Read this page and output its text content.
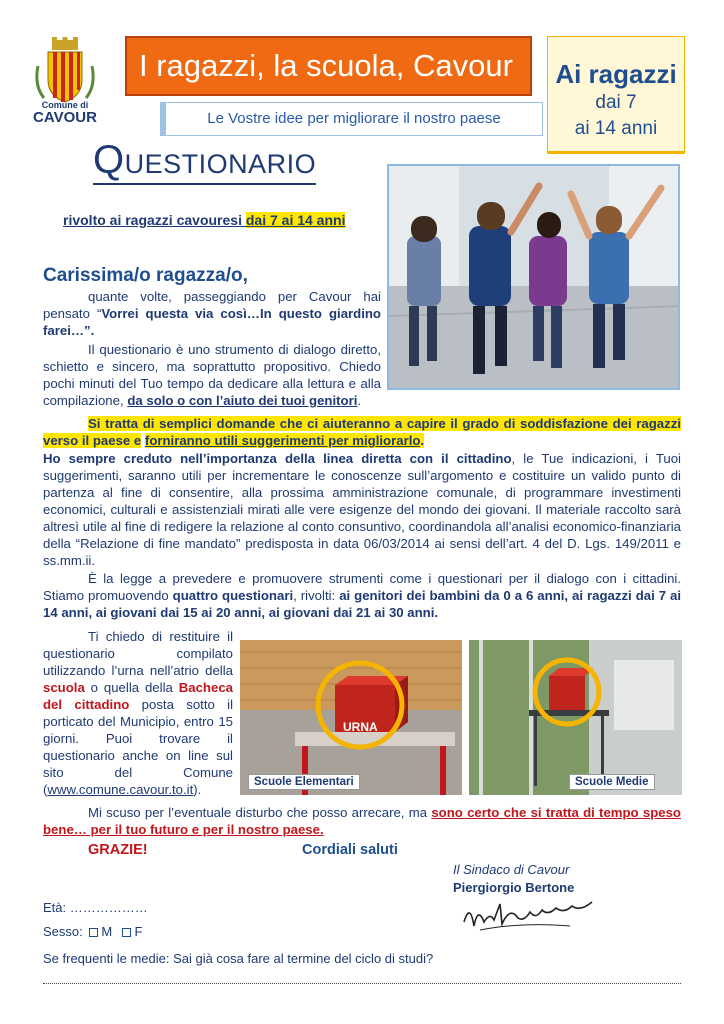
Comune di
CAVOUR
I ragazzi, la scuola, Cavour
Le Vostre idee per migliorare il nostro paese
Ai ragazzi
dai 7
ai 14 anni
QUESTIONARIO
rivolto ai ragazzi cavouresi dai 7 ai 14 anni
Carissima/o ragazza/o,
quante volte, passeggiando per Cavour hai pensato “Vorrei questa via così…In questo giardino farei…”.
Il questionario è uno strumento di dialogo diretto, schietto e sincero, ma soprattutto propositivo. Chiedo pochi minuti del Tuo tempo da dedicare alla lettura e alla compilazione, da solo o con l’aiuto dei tuoi genitori.
Si tratta di semplici domande che ci aiuteranno a capire il grado di soddisfazione dei ragazzi verso il paese e forniranno utili suggerimenti per migliorarlo.
Ho sempre creduto nell’importanza della linea diretta con il cittadino, le Tue indicazioni, i Tuoi suggerimenti, saranno utili per incrementare le conoscenze sull’argomento e costituire un valido punto di partenza al fine di consentire, alla prossima amministrazione comunale, di programmare investimenti economici, culturali e assistenziali mirati alle vere esigenze del mondo dei giovani. Il materiale raccolto sarà altresì utile al fine di redigere la relazione al conto consuntivo, coordinandola all’analisi economico-finanziaria della “Relazione di fine mandato” predisposta in data 06/03/2014 ai sensi dell’art. 4 del D. Lgs. 149/2011 e ss.mm.ii.
È la legge a prevedere e promuovere strumenti come i questionari per il dialogo con i cittadini. Stiamo promuovendo quattro questionari, rivolti: ai genitori dei bambini da 0 a 6 anni, ai ragazzi dai 7 ai 14 anni, ai giovani dai 15 ai 20 anni, ai giovani dai 21 ai 30 anni.
Ti chiedo di restituire il questionario compilato utilizzando l’urna nell’atrio della scuola o quella della Bacheca del cittadino posta sotto il porticato del Municipio, entro 15 giorni. Puoi trovare il questionario anche on line sul sito del Comune (www.comune.cavour.to.it).
URNA
Scuole Elementari	Scuole Medie
Mi scuso per l’eventuale disturbo che posso arrecare, ma sono certo che si tratta di tempo speso bene… per il tuo futuro e per il nostro paese.
GRAZIE!	Cordiali saluti
Il Sindaco di Cavour
Piergiorgio Bertone
Età: ………………
Sesso: M F
Se frequenti le medie: Sai già cosa fare al termine del ciclo di studi?
